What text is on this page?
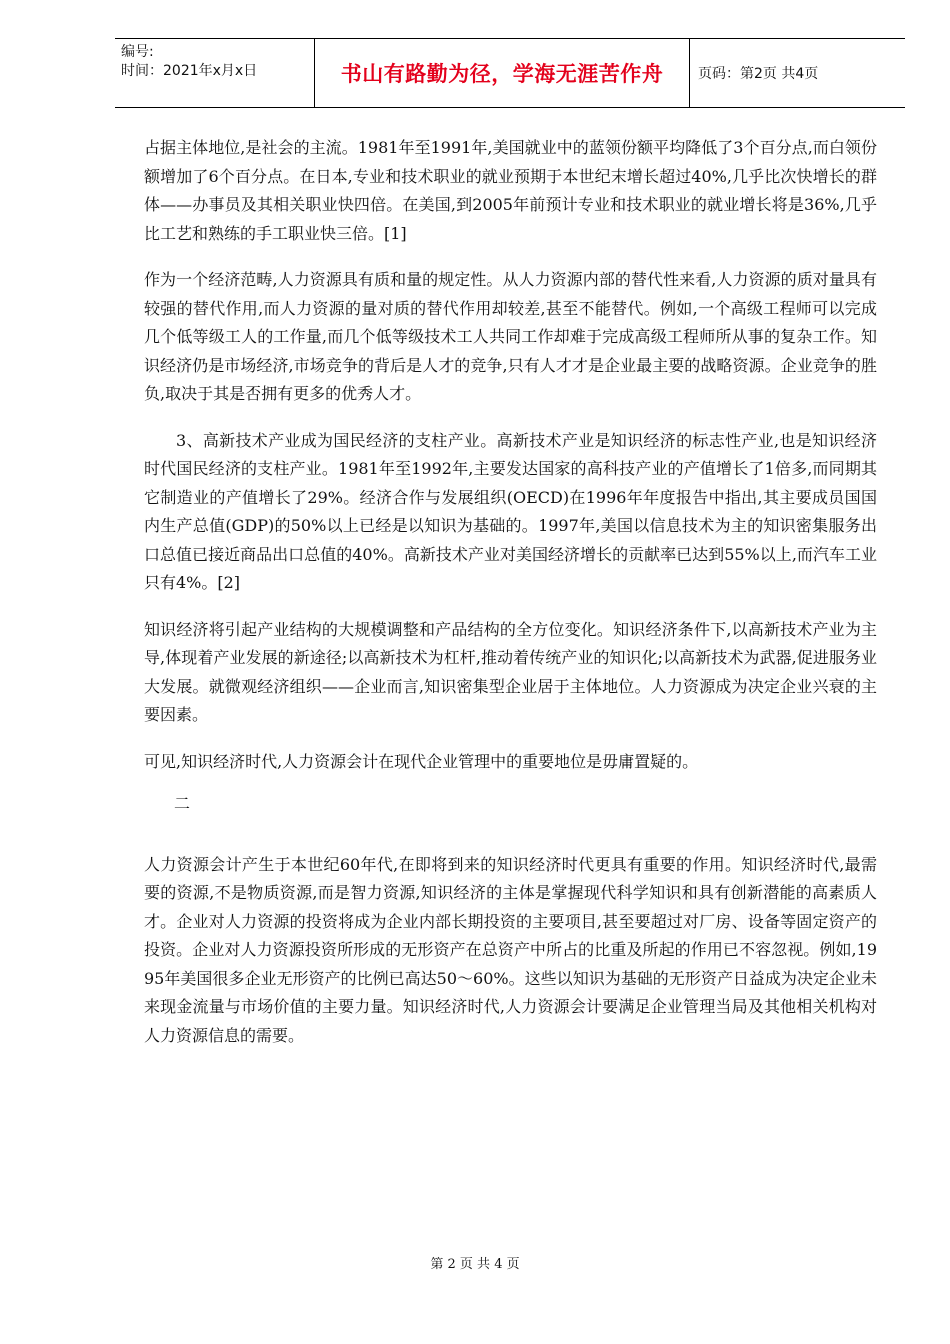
编号:
时间：2021年x月x日	书山有路勤为径，学海无涯苦作舟	页码：第2页 共4页

占据主体地位,是社会的主流。1981年至1991年,美国就业中的蓝领份额平均降低了3个百分点,而白领份额增加了6个百分点。在日本,专业和技术职业的就业预期于本世纪末增长超过40%,几乎比次快增长的群体——办事员及其相关职业快四倍。在美国,到2005年前预计专业和技术职业的就业增长将是36%,几乎比工艺和熟练的手工职业快三倍。[1]

作为一个经济范畴,人力资源具有质和量的规定性。从人力资源内部的替代性来看,人力资源的质对量具有较强的替代作用,而人力资源的量对质的替代作用却较差,甚至不能替代。例如,一个高级工程师可以完成几个低等级工人的工作量,而几个低等级技术工人共同工作却难于完成高级工程师所从事的复杂工作。知识经济仍是市场经济,市场竞争的背后是人才的竞争,只有人才才是企业最主要的战略资源。企业竞争的胜负,取决于其是否拥有更多的优秀人才。

3、高新技术产业成为国民经济的支柱产业。高新技术产业是知识经济的标志性产业,也是知识经济时代国民经济的支柱产业。1981年至1992年,主要发达国家的高科技产业的产值增长了1倍多,而同期其它制造业的产值增长了29%。经济合作与发展组织(OECD)在1996年年度报告中指出,其主要成员国国内生产总值(GDP)的50%以上已经是以知识为基础的。1997年,美国以信息技术为主的知识密集服务出口总值已接近商品出口总值的40%。高新技术产业对美国经济增长的贡献率已达到55%以上,而汽车工业只有4%。[2]

知识经济将引起产业结构的大规模调整和产品结构的全方位变化。知识经济条件下,以高新技术产业为主导,体现着产业发展的新途径;以高新技术为杠杆,推动着传统产业的知识化;以高新技术为武器,促进服务业大发展。就微观经济组织——企业而言,知识密集型企业居于主体地位。人力资源成为决定企业兴衰的主要因素。

可见,知识经济时代,人力资源会计在现代企业管理中的重要地位是毋庸置疑的。

二

人力资源会计产生于本世纪60年代,在即将到来的知识经济时代更具有重要的作用。知识经济时代,最需要的资源,不是物质资源,而是智力资源,知识经济的主体是掌握现代科学知识和具有创新潜能的高素质人才。企业对人力资源的投资将成为企业内部长期投资的主要项目,甚至要超过对厂房、设备等固定资产的投资。企业对人力资源投资所形成的无形资产在总资产中所占的比重及所起的作用已不容忽视。例如,1995年美国很多企业无形资产的比例已高达50～60%。这些以知识为基础的无形资产日益成为决定企业未来现金流量与市场价值的主要力量。知识经济时代,人力资源会计要满足企业管理当局及其他相关机构对人力资源信息的需要。

第 2 页 共 4 页
